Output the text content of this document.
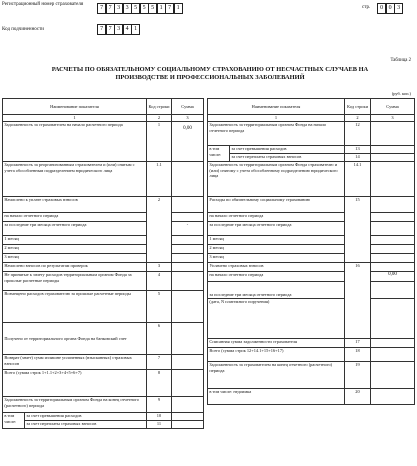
Регистрационный номер страхователя
7 7 3 3 5 5 5 1 7 1	стр.	0 0 3
Код подчиненности	7 7 3 4 1
Таблица 2
РАСЧЕТЫ ПО ОБЯЗАТЕЛЬНОМУ СОЦИАЛЬНОМУ СТРАХОВАНИЮ ОТ НЕСЧАСТНЫХ СЛУЧАЕВ НА ПРОИЗВОДСТВЕ И ПРОФЕССИОНАЛЬНЫХ ЗАБОЛЕВАНИЙ
(руб. коп.)
Наименование показателя		Код строки	Сумма
1		2	3
Задолженность за страхователем на начало расчетного периода		1	0,00
Задолженность за реорганизованным страхователем и (или) снятым с учета обособленным подразделением юридического лица		1.1	
Начислено к уплате страховых взносов		2	
на начало отчетного периода			
за последние три месяца отчетного периода			-
1 месяц			
2 месяц			
3 месяц			

Начислено взносов по результатам проверок		3	
Не принятые к зачету расходов территориальным органом Фонда за прошлые расчетные периоды		4	
Возмещено расходов страхователю за прошлые расчетные периоды		5	
Получено от территориального органа Фонда на банковский счет		6	
Возврат (зачет) сумм излишне уплаченных (взысканных) страховых взносов		7	
Всего (сумма строк 1+1.1+2+3+4+5+6+7)		8	
Задолженность за территориальным органом Фонда на конец отчетного (расчетного) периода		9	
в том числе:	за счет превышения расходов	10	
	за счет переплаты страховых взносов	11	
Наименование показателя		Код строки	Сумма
1		2	3
Задолженность за территориальным органом Фонда на начало отчетного периода		12	
в том числе:	за счет превышения расходов	13	
	за счет переплаты страховых взносов	14	
Задолженность за территориальным органом Фонда страхователю и (или) снятому с учета обособленному подразделению юридического лица		14.1	
Расходы по обязательному социальному страхованию		15	
на начало отчетного периода			
за последние три месяца отчетного периода			
1 месяц			
2 месяц			
3 месяц			
Уплачено страховых взносов		16	
на начало отчетного периода			0,00
за последние три месяца отчетного периода			
(дата, N платежного поручения)			
Списанная сумма задолженности страхователя		17	
Всего (сумма строк 12+14.1+15+16+17)		18	
Задолженность за страхователем на конец отчетного (расчетного) периода		19	
в том числе: недоимка		20	
